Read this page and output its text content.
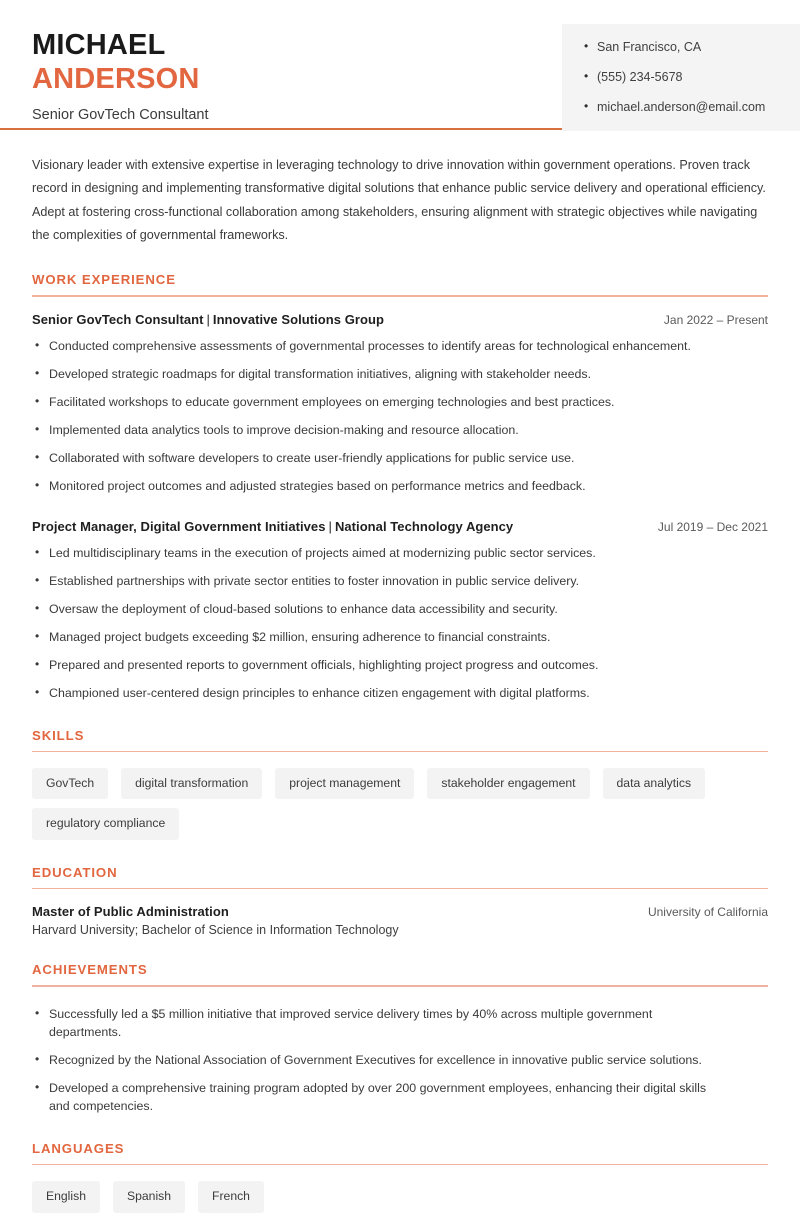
MICHAEL
ANDERSON
Senior GovTech Consultant
• San Francisco, CA
• (555) 234-5678
• michael.anderson@email.com

Visionary leader with extensive expertise in leveraging technology to drive innovation within government operations. Proven track record in designing and implementing transformative digital solutions that enhance public service delivery and operational efficiency. Adept at fostering cross-functional collaboration among stakeholders, ensuring alignment with strategic objectives while navigating the complexities of governmental frameworks.

WORK EXPERIENCE
Senior GovTech Consultant | Innovative Solutions Group	Jan 2022 – Present
• Conducted comprehensive assessments of governmental processes to identify areas for technological enhancement.
• Developed strategic roadmaps for digital transformation initiatives, aligning with stakeholder needs.
• Facilitated workshops to educate government employees on emerging technologies and best practices.
• Implemented data analytics tools to improve decision-making and resource allocation.
• Collaborated with software developers to create user-friendly applications for public service use.
• Monitored project outcomes and adjusted strategies based on performance metrics and feedback.
Project Manager, Digital Government Initiatives | National Technology Agency	Jul 2019 – Dec 2021
• Led multidisciplinary teams in the execution of projects aimed at modernizing public sector services.
• Established partnerships with private sector entities to foster innovation in public service delivery.
• Oversaw the deployment of cloud-based solutions to enhance data accessibility and security.
• Managed project budgets exceeding $2 million, ensuring adherence to financial constraints.
• Prepared and presented reports to government officials, highlighting project progress and outcomes.
• Championed user-centered design principles to enhance citizen engagement with digital platforms.
SKILLS
GovTech	digital transformation	project management	stakeholder engagement	data analytics
regulatory compliance
EDUCATION
Master of Public Administration	University of California
Harvard University; Bachelor of Science in Information Technology
ACHIEVEMENTS
• Successfully led a $5 million initiative that improved service delivery times by 40% across multiple government departments.
• Recognized by the National Association of Government Executives for excellence in innovative public service solutions.
• Developed a comprehensive training program adopted by over 200 government employees, enhancing their digital skills and competencies.
LANGUAGES
English	Spanish	French
